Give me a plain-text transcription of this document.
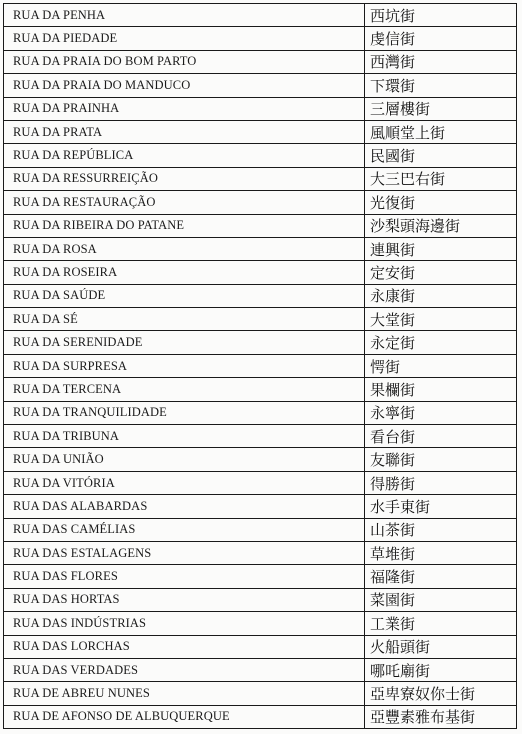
RUA DA PENHA	西坑街
RUA DA PIEDADE	虔信街
RUA DA PRAIA DO BOM PARTO	西灣街
RUA DA PRAIA DO MANDUCO	下環街
RUA DA PRAINHA	三層樓街
RUA DA PRATA	風順堂上街
RUA DA REPÚBLICA	民國街
RUA DA RESSURREIÇÃO	大三巴右街
RUA DA RESTAURAÇÃO	光復街
RUA DA RIBEIRA DO PATANE	沙梨頭海邊街
RUA DA ROSA	連興街
RUA DA ROSEIRA	定安街
RUA DA SAÚDE	永康街
RUA DA SÉ	大堂街
RUA DA SERENIDADE	永定街
RUA DA SURPRESA	愕街
RUA DA TERCENA	果欄街
RUA DA TRANQUILIDADE	永寧街
RUA DA TRIBUNA	看台街
RUA DA UNIÃO	友聯街
RUA DA VITÓRIA	得勝街
RUA DAS ALABARDAS	水手東街
RUA DAS CAMÉLIAS	山茶街
RUA DAS ESTALAGENS	草堆街
RUA DAS FLORES	福隆街
RUA DAS HORTAS	菜園街
RUA DAS INDÚSTRIAS	工業街
RUA DAS LORCHAS	火船頭街
RUA DAS VERDADES	哪吒廟街
RUA DE ABREU NUNES	亞卑寮奴你士街
RUA DE AFONSO DE ALBUQUERQUE	亞豐素雅布基街
